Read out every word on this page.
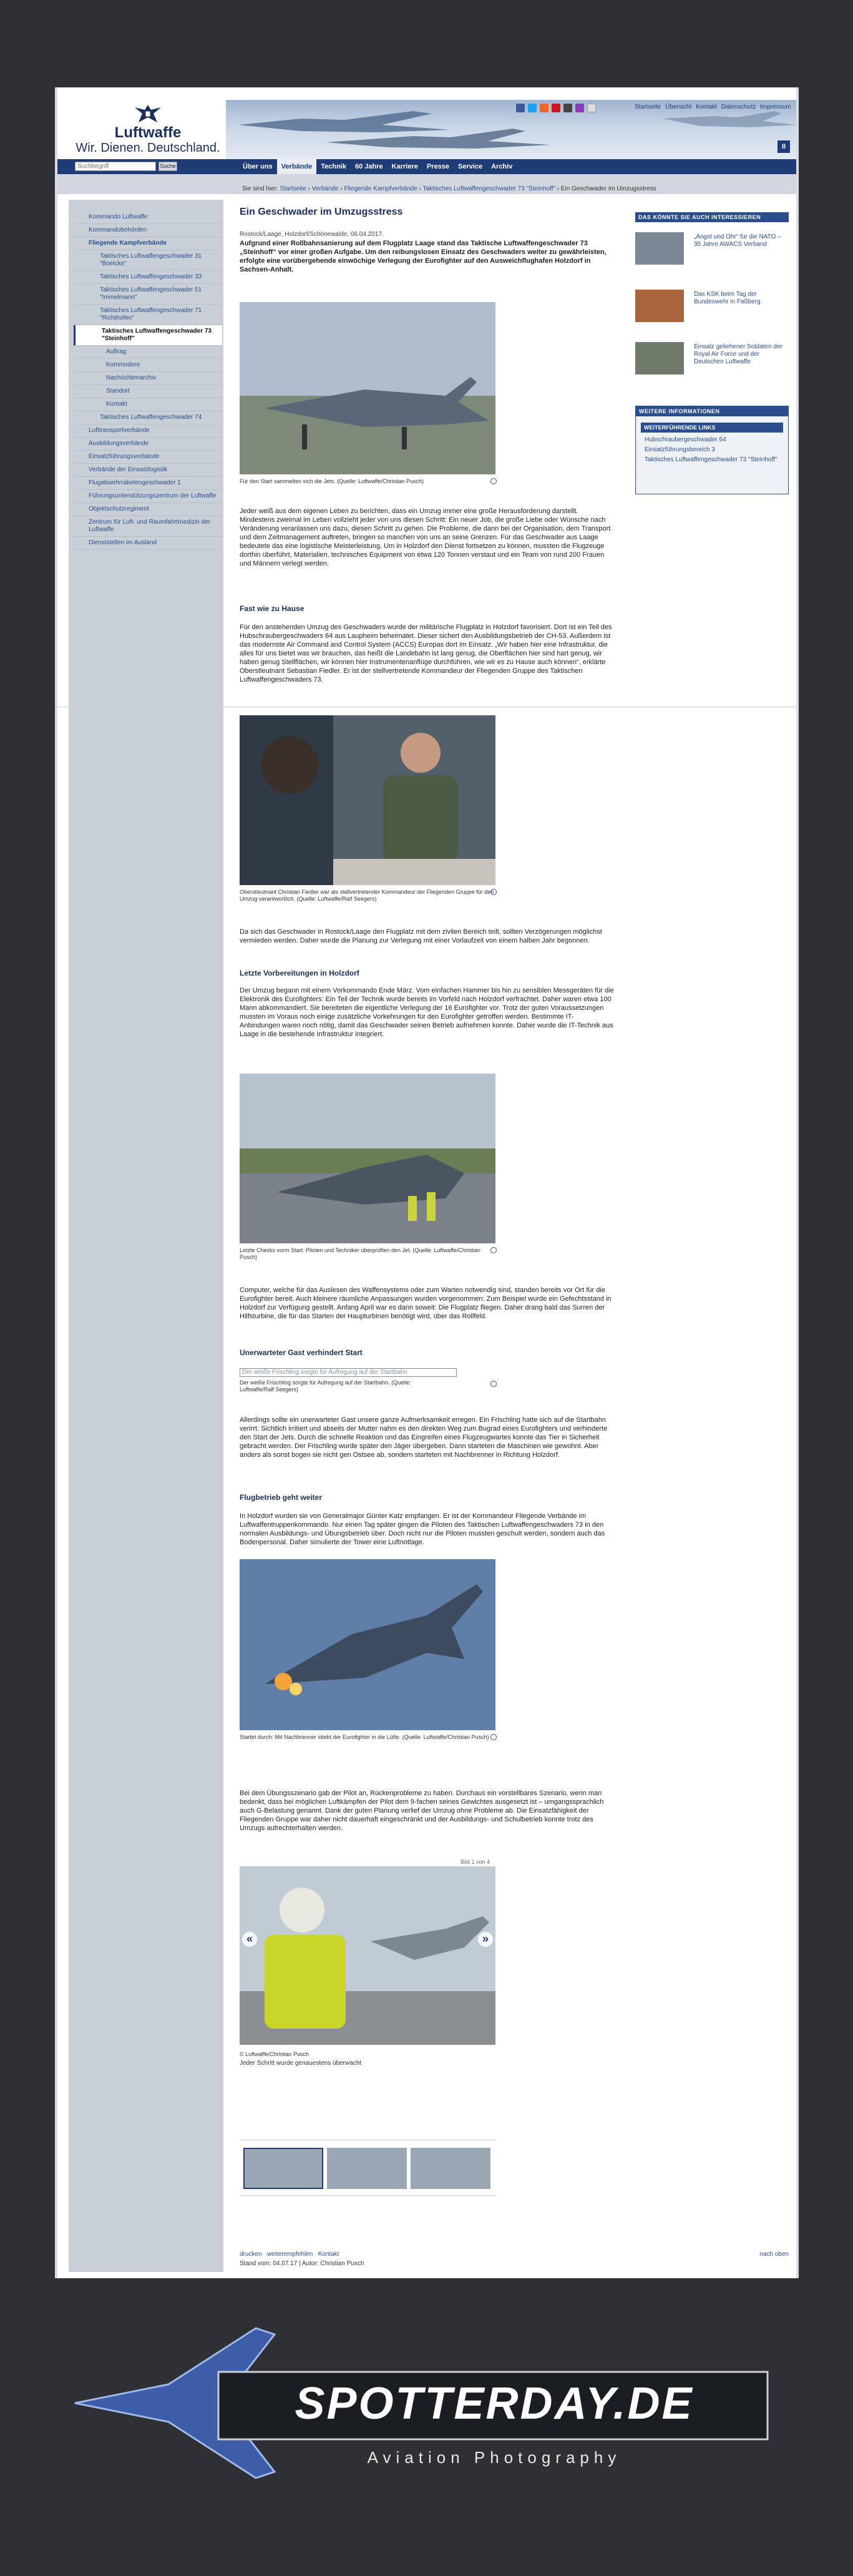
Luftwaffe
Wir. Dienen. Deutschland.
Startseite Übersicht Kontakt Datenschutz Impressum
II
Suchbegriff
Suche	Über uns	Verbände	Technik	60 Jahre	Karriere	Presse	Service	Archiv
Sie sind hier: Startseite › Verbände › Fliegende Kampfverbände › Taktisches Luftwaffengeschwader 73 "Steinhoff" › Ein Geschwader im Umzugsstress
Kommando Luftwaffe
Kommandobehörden
Fliegende Kampfverbände
Taktisches Luftwaffengeschwader 31 "Boelcke"
Taktisches Luftwaffengeschwader 33
Taktisches Luftwaffengeschwader 51 "Immelmann"
Taktisches Luftwaffengeschwader 71 "Richthofen"
Taktisches Luftwaffengeschwader 73 "Steinhoff"
Auftrag
Kommodore
Nachrichtenarchiv
Standort
Kontakt
Taktisches Luftwaffengeschwader 74
Lufttransportverbände
Ausbildungsverbände
Einsatzführungsverbände
Verbände der Einsatzlogistik
Flugabwehrraketengeschwader 1
Führungsunterstützungszentrum der Luftwaffe
Objektschutzregiment
Zentrum für Luft- und Raumfahrtmedizin der Luftwaffe
Dienststellen im Ausland
Ein Geschwader im Umzugsstress
Rostock/Laage, Holzdorf/Schönewalde, 06.04.2017.
Aufgrund einer Rollbahnsanierung auf dem Flugplatz Laage stand das Taktische Luftwaffengeschwader 73 „Steinhoff“ vor einer großen Aufgabe. Um den reibungslosen Einsatz des Geschwaders weiter zu gewährleisten, erfolgte eine vorübergehende einwöchige Verlegung der Eurofighter auf den Ausweichflughafen Holzdorf in Sachsen-Anhalt.
Für den Start sammelten sich die Jets. (Quelle: Luftwaffe/Christian Pusch)
Jeder weiß aus dem eigenen Leben zu berichten, dass ein Umzug immer eine große Herausforderung darstellt. Mindestens zweimal im Leben vollzieht jeder von uns diesen Schritt: Ein neuer Job, die große Liebe oder Wünsche nach Veränderung veranlassen uns dazu, diesen Schritt zu gehen. Die Probleme, die dann bei der Organisation, dem Transport und dem Zeitmanagement auftreten, bringen so manchen von uns an seine Grenzen. Für das Geschwader aus Laage bedeutete das eine logistische Meisterleistung. Um in Holzdorf den Dienst fortsetzen zu können, mussten die Flugzeuge dorthin überführt, Materialien, technisches Equipment von etwa 120 Tonnen verstaut und ein Team von rund 200 Frauen und Männern verlegt werden.
Fast wie zu Hause
Für den anstehenden Umzug des Geschwaders wurde der militärische Flugplatz in Holzdorf favorisiert. Dort ist ein Teil des Hubschraubergeschwaders 64 aus Laupheim beheimatet. Dieser sichert den Ausbildungsbetrieb der CH-53. Außerdem ist das modernste Air Command and Control System (ACCS) Europas dort im Einsatz. „Wir haben hier eine Infrastruktur, die alles für uns bietet was wir brauchen, das heißt die Landebahn ist lang genug, die Oberflächen hier sind hart genug, wir haben genug Stellflächen, wir können hier Instrumentenanflüge durchführen, wie wir es zu Hause auch können“, erklärte Oberstleutnant Sebastian Fiedler. Er ist der stellvertretende Kommandeur der Fliegenden Gruppe des Taktischen Luftwaffengeschwaders 73.
Oberstleutnant Christian Fiedler war als stellvertretender Kommandeur der Fliegenden Gruppe für den Umzug verantwortlich. (Quelle: Luftwaffe/Ralf Seegers)
Da sich das Geschwader in Rostock/Laage den Flugplatz mit dem zivilen Bereich teilt, sollten Verzögerungen möglichst vermieden werden. Daher wurde die Planung zur Verlegung mit einer Vorlaufzeit von einem halben Jahr begonnen.
Letzte Vorbereitungen in Holzdorf
Der Umzug begann mit einem Vorkommando Ende März. Vom einfachen Hammer bis hin zu sensiblen Messgeräten für die Elektronik des Eurofighters: Ein Teil der Technik wurde bereits im Vorfeld nach Holzdorf verfrachtet. Daher waren etwa 100 Mann abkommandiert. Sie bereiteten die eigentliche Verlegung der 16 Eurofighter vor. Trotz der guten Voraussetzungen mussten im Voraus noch einige zusätzliche Vorkehrungen für den Eurofighter getroffen werden. Bestimmte IT-Anbindungen waren noch nötig, damit das Geschwader seinen Betrieb aufnehmen konnte. Daher wurde die IT-Technik aus Laage in die bestehende Infrastruktur integriert.
Letzte Checks vorm Start: Piloten und Techniker überprüften den Jet. (Quelle: Luftwaffe/Christian Pusch)
Computer, welche für das Auslesen des Waffensystems oder zum Warten notwendig sind, standen bereits vor Ort für die Eurofighter bereit. Auch kleinere räumliche Anpassungen wurden vorgenommen: Zum Beispiel wurde ein Gefechtsstand in Holzdorf zur Verfügung gestellt. Anfang April war es dann soweit: Die Flugplatz fliegen. Daher drang bald das Surren der Hilfsturbine, die für das Starten der Haupturbinen benötigt wird, über das Rollfeld.
Unerwarteter Gast verhindert Start
Der weiße Frischling sorgte für Aufregung auf der Startbahn
Der weiße Frischling sorgte für Aufregung auf der Startbahn. (Quelle: Luftwaffe/Ralf Seegers)
Allerdings sollte ein unerwarteter Gast unsere ganze Aufmerksamkeit erregen. Ein Frischling hatte sich auf die Startbahn verirrt. Sichtlich irritiert und abseits der Mutter nahm es den direkten Weg zum Bugrad eines Eurofighters und verhinderte den Start der Jets. Durch die schnelle Reaktion und das Eingreifen eines Flugzeugwartes konnte das Tier in Sicherheit gebracht werden. Der Frischling wurde später den Jäger übergeben. Dann starteten die Maschinen wie gewohnt. Aber anders als sonst bogen sie nicht gen Ostsee ab, sondern starteten mit Nachbrenner in Richtung Holzdorf.
Flugbetrieb geht weiter
In Holzdorf wurden sie von Generalmajor Günter Katz empfangen. Er ist der Kommandeur Fliegende Verbände im Luftwaffentruppenkommando. Nur einen Tag später gingen die Piloten des Taktischen Luftwaffengeschwaders 73 in den normalen Ausbildungs- und Übungsbetrieb über. Doch nicht nur die Piloten mussten geschult werden, sondern auch das Bodenpersonal. Daher simulierte der Tower eine Luftnotlage.
Startet durch: Mit Nachbrenner stiebt der Eurofighter in die Lüfte. (Quelle: Luftwaffe/Christian Pusch)
Bei dem Übungsszenario gab der Pilot an, Rückenprobleme zu haben. Durchaus ein vorstellbares Szenario, wenn man bedenkt, dass bei möglichen Luftkämpfen der Pilot dem 9-fachen seines Gewichtes ausgesetzt ist – umgangssprachlich auch G-Belastung genannt. Dank der guten Planung verlief der Umzug ohne Probleme ab. Die Einsatzfähigkeit der Fliegenden Gruppe war daher nicht dauerhaft eingeschränkt und der Ausbildungs- und Schulbetrieb konnte trotz des Umzugs aufrechterhalten werden.
Bild 1 von 4
«	»
© Luftwaffe/Christian Pusch
Jeder Schritt wurde genauestens überwacht
DAS KÖNNTE SIE AUCH INTERESSIEREN
„Angst und Ohr“ für die NATO – 35 Jahre AWACS Verband
Das KSK beim Tag der Bundeswehr in Faßberg
Einsatz geliehener Soldaten der Royal Air Force und der Deutschen Luftwaffe
WEITERE INFORMATIONEN
WEITERFÜHRENDE LINKS
Hubschraubergeschwader 64
Einsatzführungsbereich 3
Taktisches Luftwaffengeschwader 73 "Steinhoff"
drucken weiterempfehlen Kontakt	nach oben
Stand vom: 04.07.17 | Autor: Christian Pusch
SPOTTERDAY.DE
Aviation Photography
